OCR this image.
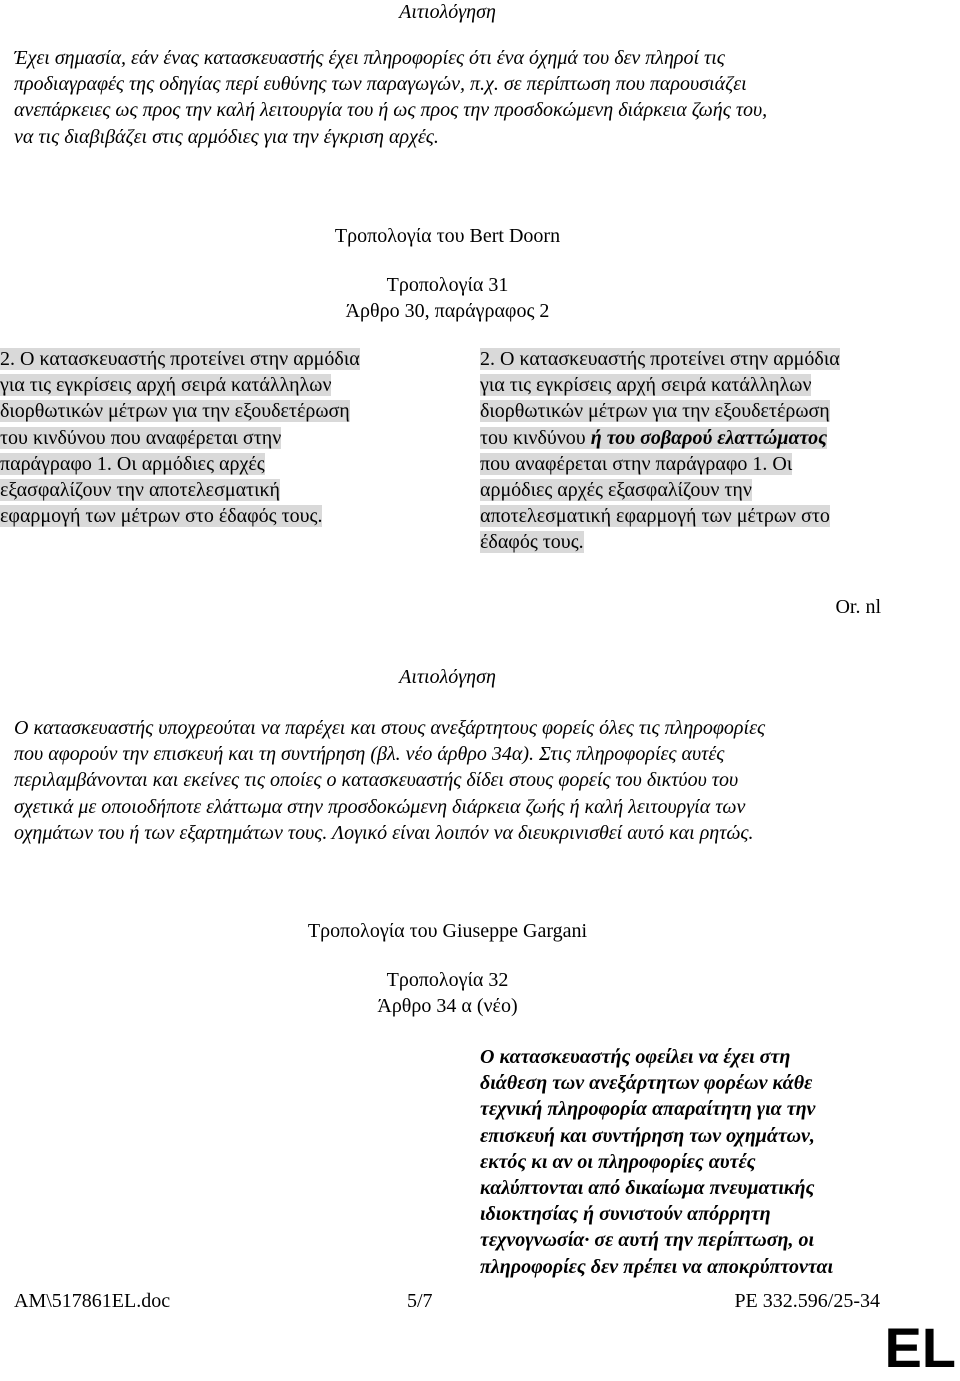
Αιτιολόγηση
Έχει σημασία, εάν ένας κατασκευαστής έχει πληροφορίες ότι ένα όχημά του δεν πληροί τις
προδιαγραφές της οδηγίας περί ευθύνης των παραγωγών, π.χ. σε περίπτωση που παρουσιάζει
ανεπάρκειες ως προς την καλή λειτουργία του ή ως προς την προσδοκώμενη διάρκεια ζωής του,
να τις διαβιβάζει στις αρμόδιες για την έγκριση αρχές.
Τροπολογία του Bert Doorn
Τροπολογία 31
Άρθρο 30, παράγραφος 2
2. Ο κατασκευαστής προτείνει στην αρμόδια
για τις εγκρίσεις αρχή σειρά κατάλληλων
διορθωτικών μέτρων για την εξουδετέρωση
του κινδύνου που αναφέρεται στην
παράγραφο 1. Οι αρμόδιες αρχές
εξασφαλίζουν την αποτελεσματική
εφαρμογή των μέτρων στο έδαφός τους.
2. Ο κατασκευαστής προτείνει στην αρμόδια
για τις εγκρίσεις αρχή σειρά κατάλληλων
διορθωτικών μέτρων για την εξουδετέρωση
του κινδύνου ή του σοβαρού ελαττώματος
που αναφέρεται στην παράγραφο 1. Οι
αρμόδιες αρχές εξασφαλίζουν την
αποτελεσματική εφαρμογή των μέτρων στο
έδαφός τους.
Or. nl
Αιτιολόγηση
Ο κατασκευαστής υποχρεούται να παρέχει και στους ανεξάρτητους φορείς όλες τις πληροφορίες
που αφορούν την επισκευή και τη συντήρηση (βλ. νέο άρθρο 34α). Στις πληροφορίες αυτές
περιλαμβάνονται και εκείνες τις οποίες ο κατασκευαστής δίδει στους φορείς του δικτύου του
σχετικά με οποιοδήποτε ελάττωμα στην προσδοκώμενη διάρκεια ζωής ή καλή λειτουργία των
οχημάτων του ή των εξαρτημάτων τους. Λογικό είναι λοιπόν να διευκρινισθεί αυτό και ρητώς.
Τροπολογία του Giuseppe Gargani
Τροπολογία 32
Άρθρο 34 α (νέο)
Ο κατασκευαστής οφείλει να έχει στη
διάθεση των ανεξάρτητων φορέων κάθε
τεχνική πληροφορία απαραίτητη για την
επισκευή και συντήρηση των οχημάτων,
εκτός κι αν οι πληροφορίες αυτές
καλύπτονται από δικαίωμα πνευματικής
ιδιοκτησίας ή συνιστούν απόρρητη
τεχνογνωσία· σε αυτή την περίπτωση, οι
πληροφορίες δεν πρέπει να αποκρύπτονται
AM\517861EL.doc	5/7	PE 332.596/25-34
EL
